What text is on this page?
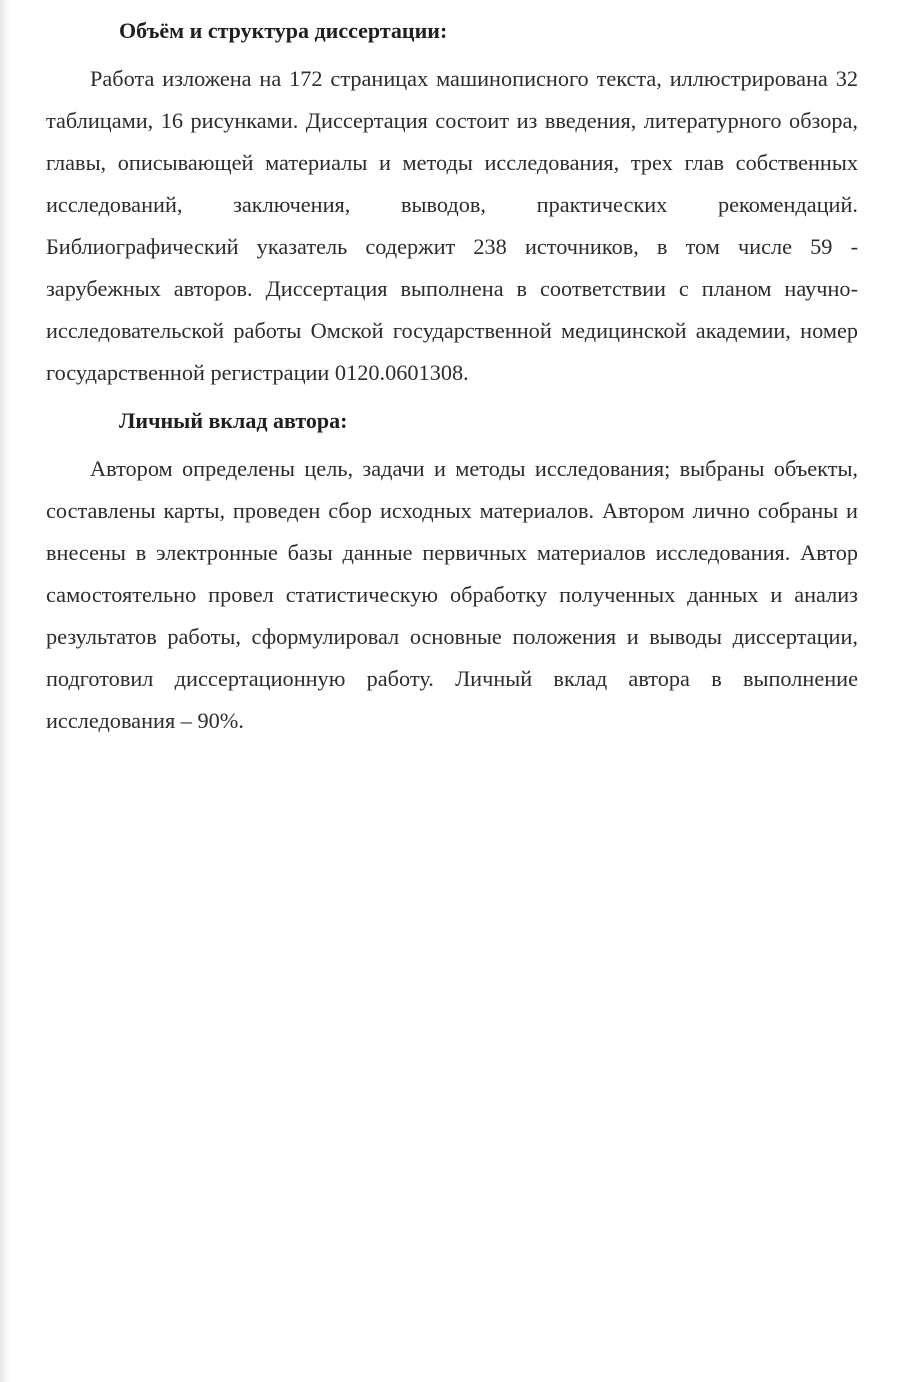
Объём и структура диссертации:

Работа изложена на 172 страницах машинописного текста, иллюстрирована 32 таблицами, 16 рисунками. Диссертация состоит из введения, литературного обзора, главы, описывающей материалы и методы исследования, трех глав собственных исследований, заключения, выводов, практических рекомендаций. Библиографический указатель содержит 238 источников, в том числе 59 - зарубежных авторов. Диссертация выполнена в соответствии с планом научно-исследовательской работы Омской государственной медицинской академии, номер государственной регистрации 0120.0601308.

Личный вклад автора:

Автором определены цель, задачи и методы исследования; выбраны объекты, составлены карты, проведен сбор исходных материалов. Автором лично собраны и внесены в электронные базы данные первичных материалов исследования. Автор самостоятельно провел статистическую обработку полученных данных и анализ результатов работы, сформулировал основные положения и выводы диссертации, подготовил диссертационную работу. Личный вклад автора в выполнение исследования – 90%.
